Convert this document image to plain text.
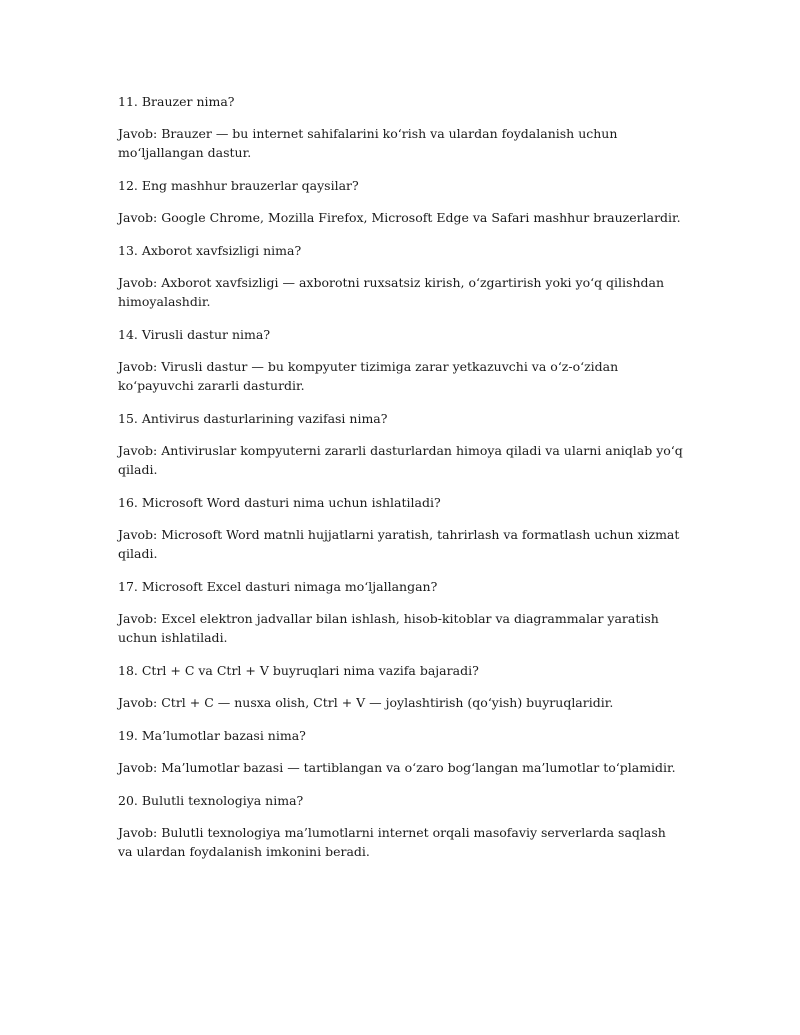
11. Brauzer nima?

Javob: Brauzer — bu internet sahifalarini ko‘rish va ulardan foydalanish uchun mo‘ljallangan dastur.

12. Eng mashhur brauzerlar qaysilar?

Javob: Google Chrome, Mozilla Firefox, Microsoft Edge va Safari mashhur brauzerlardir.

13. Axborot xavfsizligi nima?

Javob: Axborot xavfsizligi — axborotni ruxsatsiz kirish, o‘zgartirish yoki yo‘q qilishdan himoyalashdir.

14. Virusli dastur nima?

Javob: Virusli dastur — bu kompyuter tizimiga zarar yetkazuvchi va o‘z-o‘zidan ko‘payuvchi zararli dasturdir.

15. Antivirus dasturlarining vazifasi nima?

Javob: Antiviruslar kompyuterni zararli dasturlardan himoya qiladi va ularni aniqlab yo‘q qiladi.

16. Microsoft Word dasturi nima uchun ishlatiladi?

Javob: Microsoft Word matnli hujjatlarni yaratish, tahrirlash va formatlash uchun xizmat qiladi.

17. Microsoft Excel dasturi nimaga mo‘ljallangan?

Javob: Excel elektron jadvallar bilan ishlash, hisob-kitoblar va diagrammalar yaratish uchun ishlatiladi.

18. Ctrl + C va Ctrl + V buyruqlari nima vazifa bajaradi?

Javob: Ctrl + C — nusxa olish, Ctrl + V — joylashtirish (qo‘yish) buyruqlaridir.

19. Ma’lumotlar bazasi nima?

Javob: Ma’lumotlar bazasi — tartiblangan va o‘zaro bog‘langan ma’lumotlar to‘plamidir.

20. Bulutli texnologiya nima?

Javob: Bulutli texnologiya ma’lumotlarni internet orqali masofaviy serverlarda saqlash va ulardan foydalanish imkonini beradi.
